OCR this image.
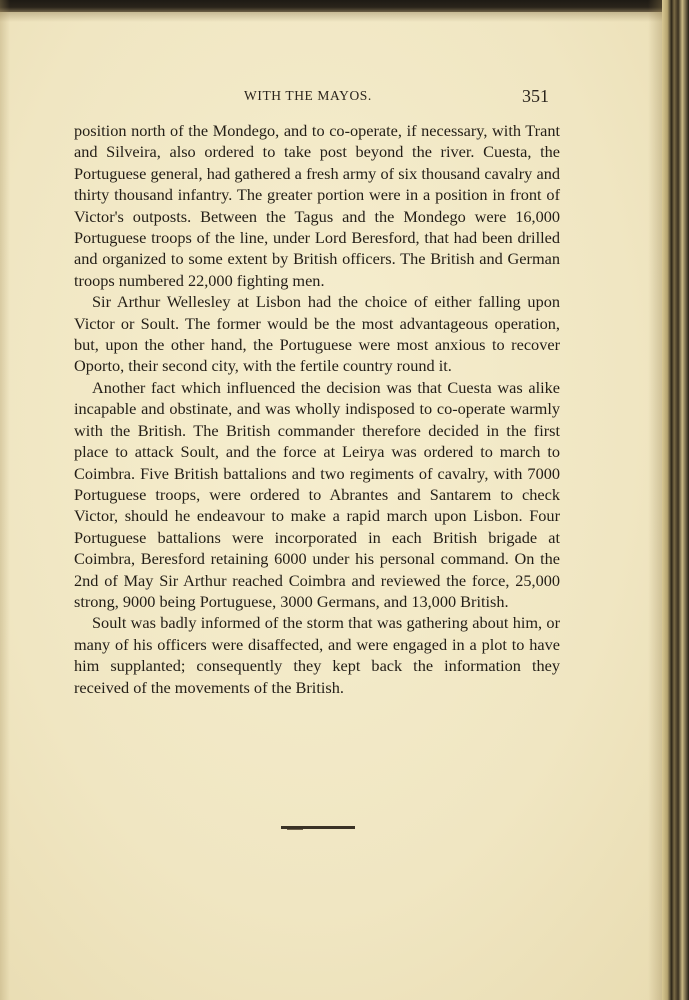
WITH THE MAYOS.	351

position north of the Mondego, and to co-operate, if necessary, with Trant and Silveira, also ordered to take post beyond the river. Cuesta, the Portuguese general, had gathered a fresh army of six thousand cavalry and thirty thousand infantry. The greater portion were in a position in front of Victor's outposts. Between the Tagus and the Mondego were 16,000 Portuguese troops of the line, under Lord Beresford, that had been drilled and organized to some extent by British officers. The British and German troops numbered 22,000 fighting men.

Sir Arthur Wellesley at Lisbon had the choice of either falling upon Victor or Soult. The former would be the most advantageous operation, but, upon the other hand, the Portuguese were most anxious to recover Oporto, their second city, with the fertile country round it.

Another fact which influenced the decision was that Cuesta was alike incapable and obstinate, and was wholly indisposed to co-operate warmly with the British. The British commander therefore decided in the first place to attack Soult, and the force at Leirya was ordered to march to Coimbra. Five British battalions and two regiments of cavalry, with 7000 Portuguese troops, were ordered to Abrantes and Santarem to check Victor, should he endeavour to make a rapid march upon Lisbon. Four Portuguese battalions were incorporated in each British brigade at Coimbra, Beresford retaining 6000 under his personal command. On the 2nd of May Sir Arthur reached Coimbra and reviewed the force, 25,000 strong, 9000 being Portuguese, 3000 Germans, and 13,000 British.

Soult was badly informed of the storm that was gathering about him, or many of his officers were disaffected, and were engaged in a plot to have him supplanted; consequently they kept back the information they received of the movements of the British.
